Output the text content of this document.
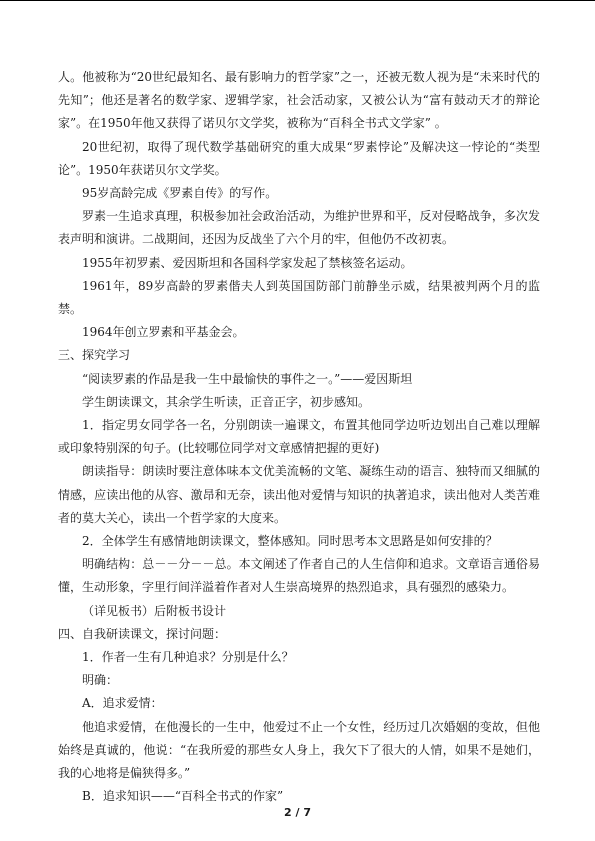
人。他被称为“20世纪最知名、最有影响力的哲学家”之一，还被无数人视为是“未来时代的先知”；他还是著名的数学家、逻辑学家，社会活动家，又被公认为“富有鼓动天才的辩论家”。在1950年他又获得了诺贝尔文学奖，被称为“百科全书式文学家” 。

20世纪初，取得了现代数学基础研究的重大成果“罗素悖论”及解决这一悖论的“类型论”。1950年获诺贝尔文学奖。

95岁高龄完成《罗素自传》的写作。

罗素一生追求真理，积极参加社会政治活动，为维护世界和平，反对侵略战争，多次发表声明和演讲。二战期间，还因为反战坐了六个月的牢，但他仍不改初衷。

1955年初罗素、爱因斯坦和各国科学家发起了禁核签名运动。

1961年，89岁高龄的罗素偕夫人到英国国防部门前静坐示威，结果被判两个月的监禁。

1964年创立罗素和平基金会。

三、探究学习

“阅读罗素的作品是我一生中最愉快的事件之一。”——爱因斯坦

学生朗读课文，其余学生听读，正音正字，初步感知。

1．指定男女同学各一名，分别朗读一遍课文，布置其他同学边听边划出自己难以理解或印象特别深的句子。(比较哪位同学对文章感情把握的更好)

朗读指导：朗读时要注意体味本文优美流畅的文笔、凝练生动的语言、独特而又细腻的情感，应读出他的从容、激昂和无奈，读出他对爱情与知识的执著追求，读出他对人类苦难者的莫大关心，读出一个哲学家的大度来。

2．全体学生有感情地朗读课文，整体感知。同时思考本文思路是如何安排的？

明确结构：总－－分－－总。本文阐述了作者自己的人生信仰和追求。文章语言通俗易懂，生动形象，字里行间洋溢着作者对人生崇高境界的热烈追求，具有强烈的感染力。

（详见板书）后附板书设计

四、自我研读课文，探讨问题：

1．作者一生有几种追求？分别是什么？

明确：

A．追求爱情：

他追求爱情，在他漫长的一生中，他爱过不止一个女性，经历过几次婚姻的变故，但他始终是真诚的，他说：“在我所爱的那些女人身上，我欠下了很大的人情，如果不是她们，我的心地将是偏狭得多。”

B．追求知识——“百科全书式的作家”

2 / 7
